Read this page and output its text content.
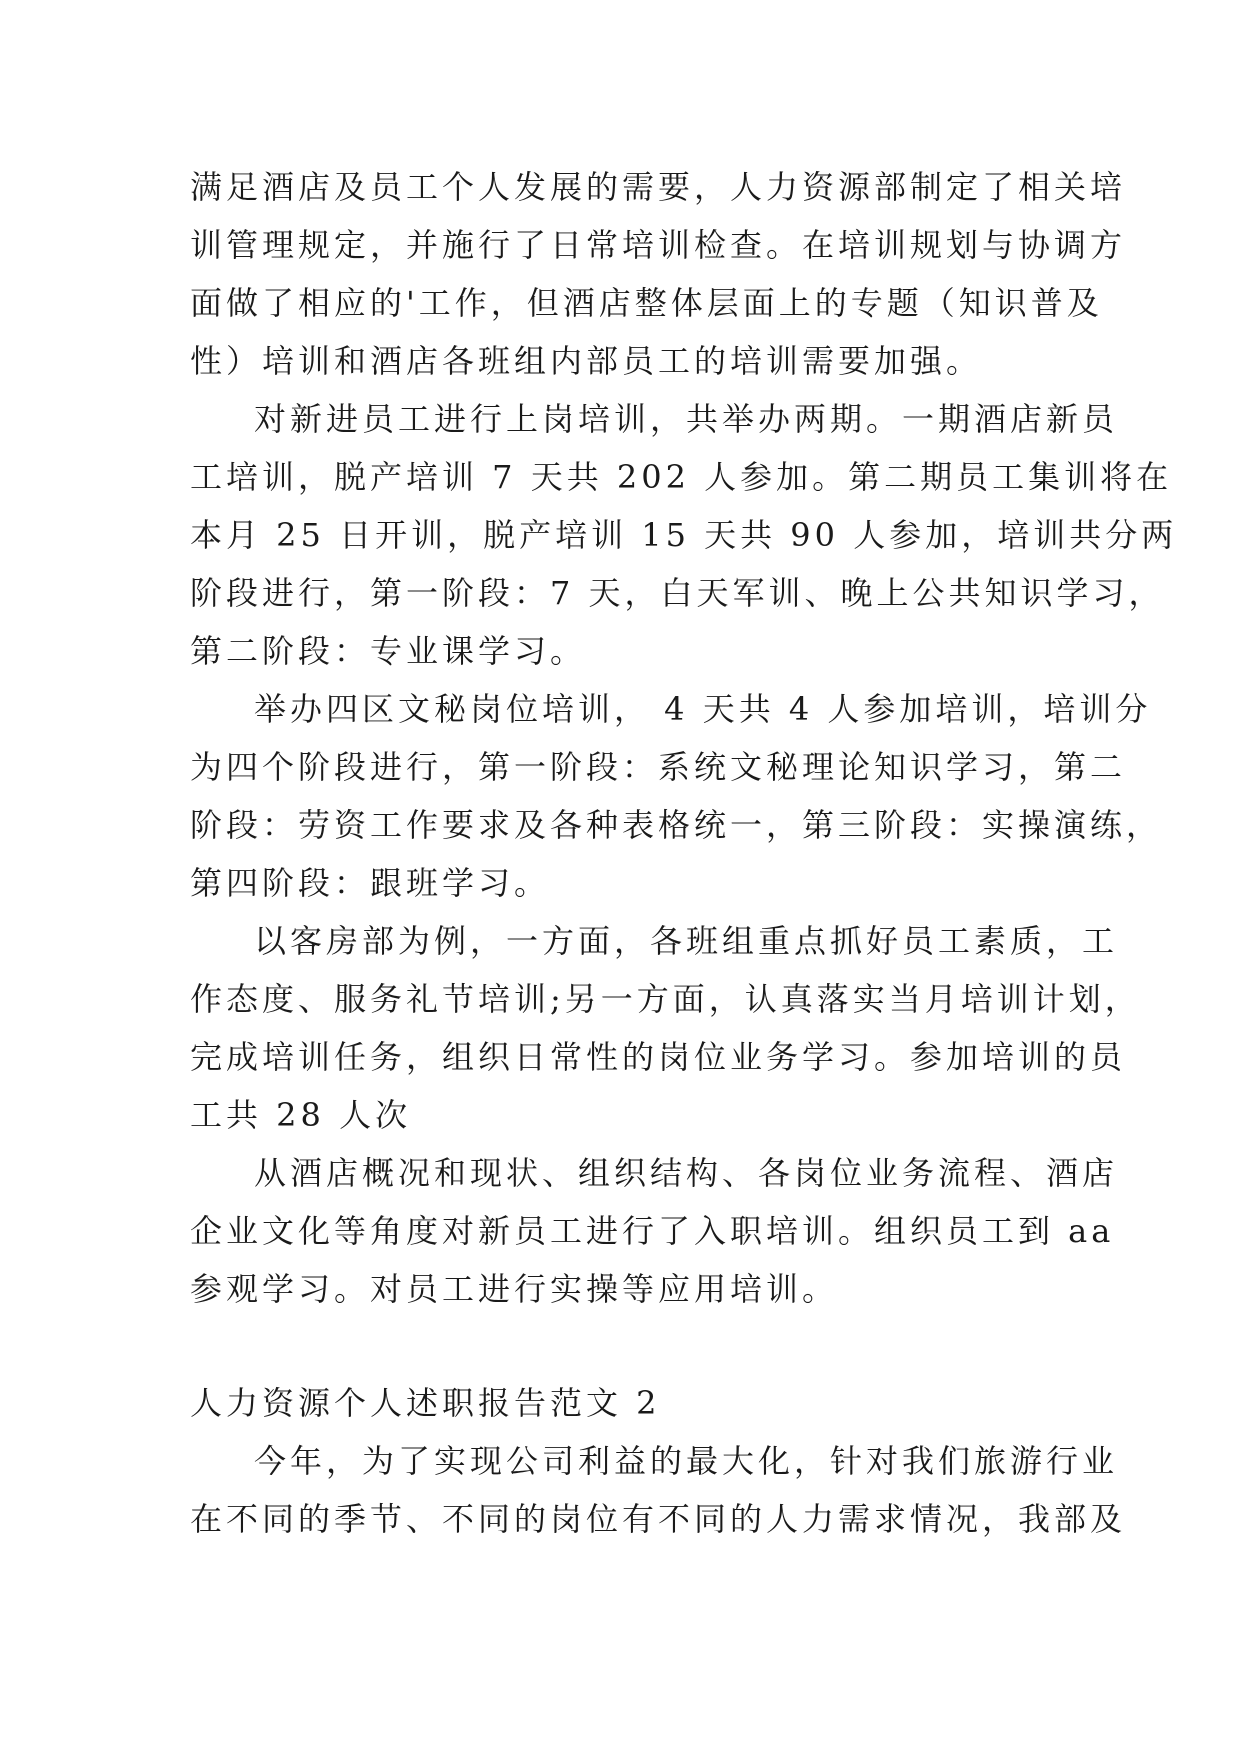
满足酒店及员工个人发展的需要，人力资源部制定了相关培
训管理规定，并施行了日常培训检查。在培训规划与协调方
面做了相应的'工作，但酒店整体层面上的专题（知识普及
性）培训和酒店各班组内部员工的培训需要加强。
对新进员工进行上岗培训，共举办两期。一期酒店新员
工培训，脱产培训 7 天共 202 人参加。第二期员工集训将在
本月 25 日开训，脱产培训 15 天共 90 人参加，培训共分两
阶段进行，第一阶段：7 天，白天军训、晚上公共知识学习，
第二阶段：专业课学习。
举办四区文秘岗位培训， 4 天共 4 人参加培训，培训分
为四个阶段进行，第一阶段：系统文秘理论知识学习，第二
阶段：劳资工作要求及各种表格统一，第三阶段：实操演练，
第四阶段：跟班学习。
以客房部为例，一方面，各班组重点抓好员工素质，工
作态度、服务礼节培训;另一方面，认真落实当月培训计划，
完成培训任务，组织日常性的岗位业务学习。参加培训的员
工共 28 人次
从酒店概况和现状、组织结构、各岗位业务流程、酒店
企业文化等角度对新员工进行了入职培训。组织员工到 aa
参观学习。对员工进行实操等应用培训。
人力资源个人述职报告范文 2
今年，为了实现公司利益的最大化，针对我们旅游行业
在不同的季节、不同的岗位有不同的人力需求情况，我部及
